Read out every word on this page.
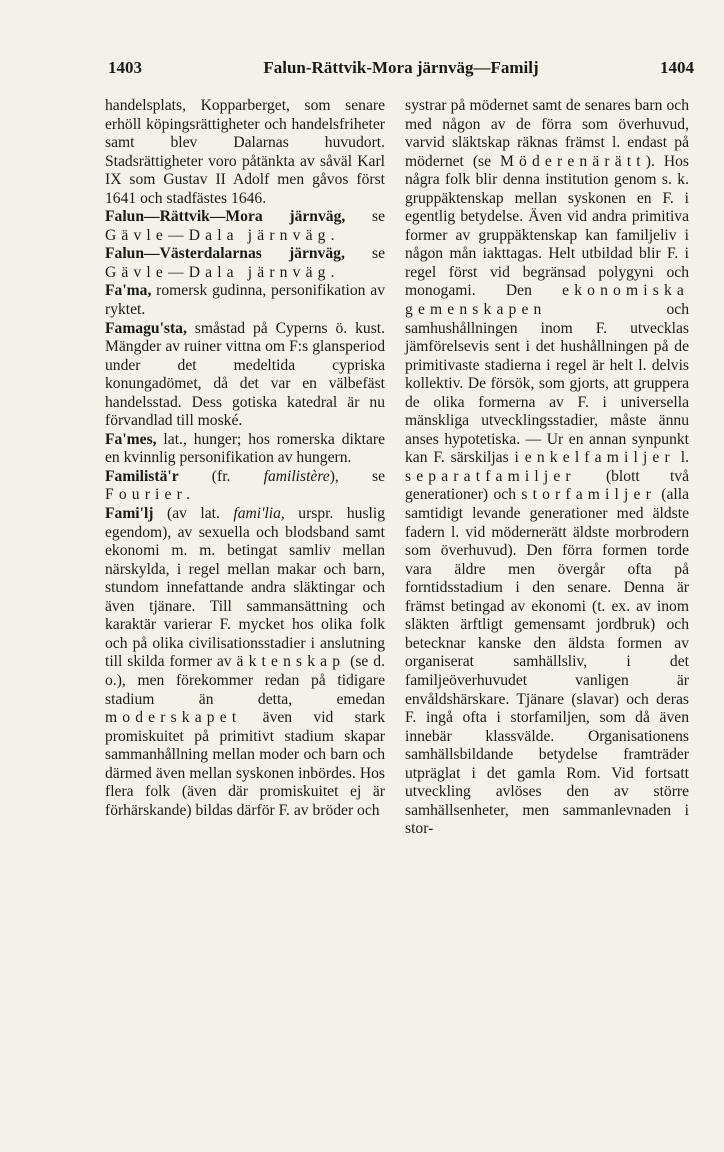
1403	Falun-Rättvik-Mora järnväg—Familj	1404

handelsplats, Kopparberget, som senare erhöll köpingsrättigheter och handelsfriheter samt blev Dalarnas huvudort. Stadsrättigheter voro påtänkta av såväl Karl IX som Gustav II Adolf men gåvos först 1641 och stadfästes 1646.

Falun—Rättvik—Mora järnväg, se Gävle—Dala järnväg.

Falun—Västerdalarnas järnväg, se Gävle—Dala järnväg.

Fa'ma, romersk gudinna, personifikation av ryktet.

Famagu'sta, småstad på Cyperns ö. kust. Mängder av ruiner vittna om F:s glansperiod under det medeltida cypriska konungadömet, då det var en välbefäst handelsstad. Dess gotiska katedral är nu förvandlad till moské.

Fa'mes, lat., hunger; hos romerska diktare en kvinnlig personifikation av hungern.

Familistä'r (fr. familistère), se Fourier.

Fami'lj (av lat. fami'lia, urspr. huslig egendom), av sexuella och blodsband samt ekonomi m. m. betingat samliv mellan närskylda, i regel mellan makar och barn, stundom innefattande andra släktingar och även tjänare. Till sammansättning och karaktär varierar F. mycket hos olika folk och på olika civilisationsstadier i anslutning till skilda former av äktenskap (se d. o.), men förekommer redan på tidigare stadium än detta, emedan moderskapet även vid stark promiskuitet på primitivt stadium skapar sammanhållning mellan moder och barn och därmed även mellan syskonen inbördes. Hos flera folk (även där promiskuitet ej är förhärskande) bildas därför F. av bröder och

systrar på mödernet samt de senares barn och med någon av de förra som överhuvud, varvid släktskap räknas främst l. endast på mödernet (se Möderenärätt). Hos några folk blir denna institution genom s. k. gruppäktenskap mellan syskonen en F. i egentlig betydelse. Även vid andra primitiva former av gruppäktenskap kan familjeliv i någon mån iakttagas. Helt utbildad blir F. i regel först vid begränsad polygyni och monogami. Den ekonomiska gemenskapen och samhushållningen inom F. utvecklas jämförelsevis sent i det hushållningen på de primitivaste stadierna i regel är helt l. delvis kollektiv. De försök, som gjorts, att gruppera de olika formerna av F. i universella mänskliga utvecklingsstadier, måste ännu anses hypotetiska. — Ur en annan synpunkt kan F. särskiljas i enkelfamiljer l. separatfamiljer (blott två generationer) och storfamiljer (alla samtidigt levande generationer med äldste fadern l. vid mödernerätt äldste morbrodern som överhuvud). Den förra formen torde vara äldre men övergår ofta på forntidsstadium i den senare. Denna är främst betingad av ekonomi (t. ex. av inom släkten ärftligt gemensamt jordbruk) och betecknar kanske den äldsta formen av organiserat samhällsliv, i det familjeöverhuvudet vanligen är envåldshärskare. Tjänare (slavar) och deras F. ingå ofta i storfamiljen, som då även innebär klassvälde. Organisationens samhällsbildande betydelse framträder utpräglat i det gamla Rom. Vid fortsatt utveckling avlöses den av större samhällsenheter, men sammanlevnaden i stor-
